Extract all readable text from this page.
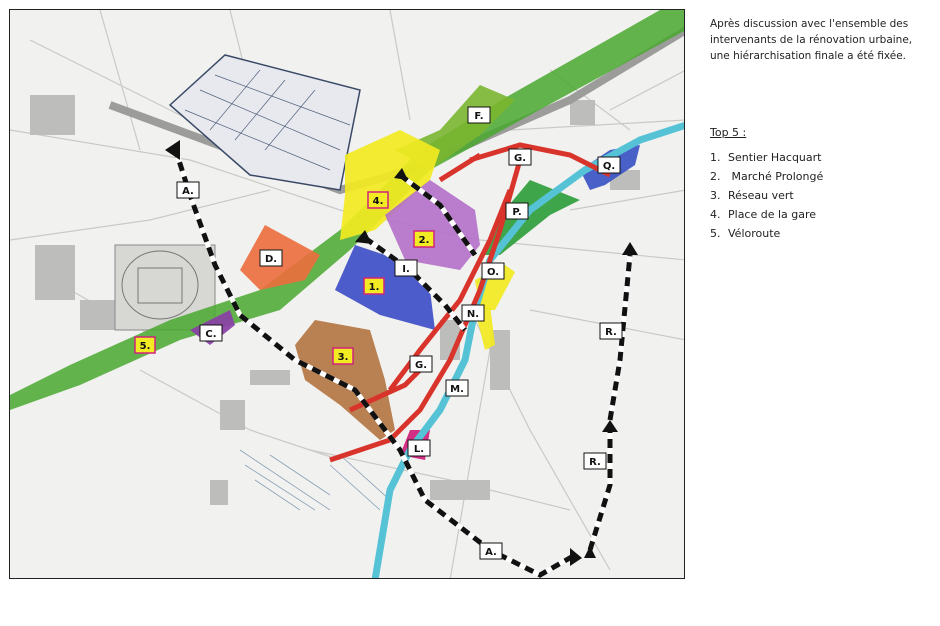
A.
A.
C.
D.
F.
G.
G.
I.
L.
M.
N.
O.
P.
Q.
R.
R.
1.
2.
3.
4.
5.

Après discussion avec l'ensemble des intervenants de la rénovation urbaine, une hiérarchisation finale a été fixée.

Top 5 :
1. Sentier Hacquart
2. Marché Prolongé
3. Réseau vert
4. Place de la gare
5. Véloroute
